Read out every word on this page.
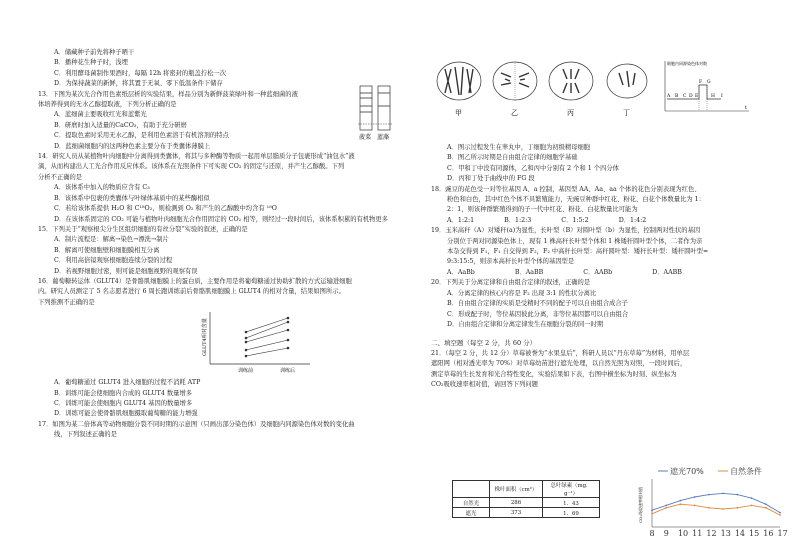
A．储藏种子前先将种子晒干
B．播种花生种子时，浅埋
C．利用酵母菌制作果酒时，每隔 12h 将密封的瓶盖拧松一次
D．为保持蔬菜的新鲜，将其置于无氧、零下低温条件下储存
13．下图为某次光合作用色素纸层析的实验结果，样品分别为新鲜菠菜绿叶和一种蓝细菌的液
体培养得到的无水乙醇提取液，下列分析正确的是
A．蓝细菌主要吸收红光和蓝紫光
B．研磨时加入适量的CaCO₃，有助于充分研磨
C．提取色素时采用无水乙醇，是利用色素溶于有机溶剂的特点
D．蓝细菌细胞内的这两种色素主要分布于类囊体薄膜上
菠菜 蓝藻
14．研究人员从某植物叶肉细胞中分离得到类囊体，将其与多种酶等物质一起用单层脂质分子包裹形成“油包水”液
滴，从而构建出人工光合作用反应体系。该体系在光照条件下可实现 CO₂ 的固定与还原，并产生乙醇酸。下列
分析不正确的是
A．该体系中加入的物质应含有 C₃
B．该体系中包裹的类囊体与叶绿体基质中的某些酶相似
C．若给该体系提供 H₂O 和 C¹⁸O₂，则检测到 O₂ 和产生的乙醇酸中均含有 ¹⁸O
D．在该体系固定的 CO₂ 可能与植物叶肉细胞光合作用固定的 CO₂ 相等，则经过一段时间后，该体系积累的有机物更多
15．下列关于“观察根尖分生区组织细胞的有丝分裂”实验的叙述，正确的是
A．制片流程是：解离→染色→漂洗→制片
B．解离可使细胞壁和细胞膜相互分离
C．利用高倍镜观察根细胞连续分裂的过程
D．若视野细胞过密，则可能是细胞视野的观察有误
16．葡萄糖转运体（GLUT4）是骨骼肌细胞膜上的蛋白质，主要作用是将葡萄糖通过协助扩散的方式运输进细胞
内。研究人员测定了 5 名志愿者进行 6 周长跑训练前后骨骼肌细胞膜上 GLUT4 的相对含量，结果如图所示。
下列推测不正确的是
GLUT4相对含量
训练前	训练后
A．葡萄糖通过 GLUT4 进入细胞的过程不消耗 ATP
B．训练可能会使细胞内合成的 GLUT4 数量增多
C．训练可能会使细胞内 GLUT4 基因的数量增多
D．训练可能会使骨骼肌细胞摄取葡萄糖的能力增强
17．如图为某二倍体高等动物细胞分裂不同时期的示意图（只画出部分染色体）及细胞内同源染色体对数的变化曲
线，下列叙述正确的是
甲	乙	丙	丁
细胞内同源染色体对数
A B C D E
F G
H I
t
A．图示过程发生在睾丸中，丁细胞为初级精母细胞
B．图乙所示时期是自由组合定律的细胞学基础
C．甲和丁中没有同源体，乙和丙中分别有 2 个和 1 个四分体
D．丙和丁处于曲线中的 FG 段
18．豌豆的花色受一对等位基因 A、a 控制，基因型 AA、Aa、aa 个体的花色分别表现为红色、
粉色和白色，其中红色个体不具繁殖能力，无豌豆种群中红花、粉花、白花个体数量比为 1：
2：1，则该种群繁殖得到的子一代中红花、粉花、白花数量比可能为
A．1:2:1	B．1:2:3	C．1:5:2	D．1:4:2
19．玉米高秆（A）对矮秆(a)为显性，长叶型（B）对圆叶型（b）为显性，控制两对性状的基因
分别位于两对同源染色体上，现有 1 株高秆长叶型个体和 1 株矮秆圆叶型个体，二者作为亲
本杂交得到 F₁，F₁ 自交得到 F₂，F₂ 中高秆长叶型：高秆圆叶型：矮秆长叶型：矮秆圆叶型=
9:3:15:5，则亲本高秆长叶型个体的基因型是
A．AaBb	B．AaBB	C．AABb	D．AABB
20．下列关于分离定律和自由组合定律的叙述，正确的是
A．分离定律的核心内容是 F₂ 出现 3:1 的性状分离比
B．自由组合定律的实质是受精时不同的配子可以自由组合成合子
C．形成配子时，等位基因彼此分离，非等位基因都可以自由组合
D．自由组合定律和分离定律发生在细胞分裂的同一时期
二、填空题（每空 2 分，共 60 分）
21．（每空 2 分，共 12 分）草莓被誉为“水果皇后”，科研人员以“丹东草莓”为材料，用单层
遮阳网（相对透光率为 70%）对草莓幼苗进行遮光处理，以自然光照为对照，一段时间后，
测定草莓的生长发育和光合特性变化，实验结果如下表，右图中横坐标为时刻、纵坐标为
CO₂吸收速率相对值，请回答下列问题
	株叶面积（cm²）	总叶绿素（mg．g⁻¹）
自然光	286	1．43
遮光	373	1．69	CO₂吸收速率相对值
遮光70%	自然条件
8 9 10 11 12 13 14 15 16 17
